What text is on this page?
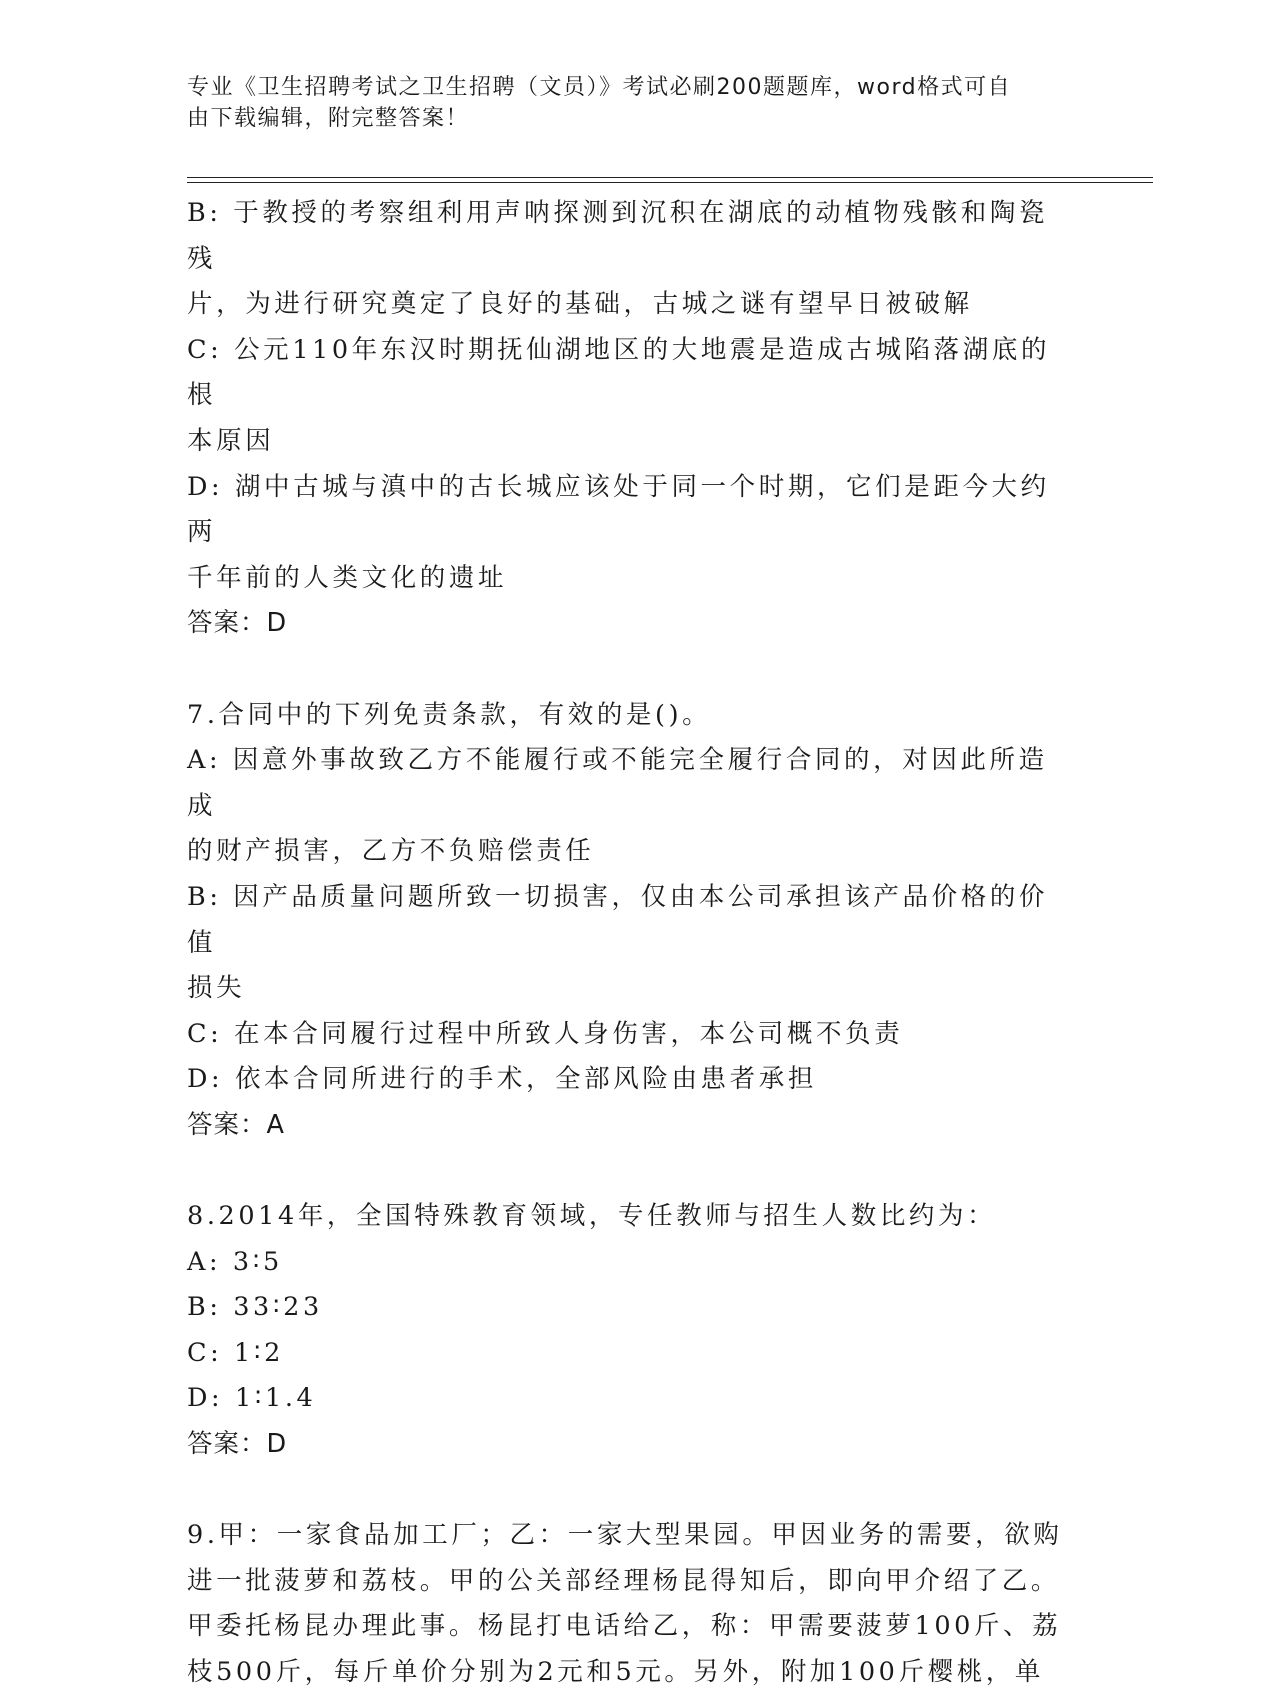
专业《卫生招聘考试之卫生招聘（文员）》考试必刷200题题库，word格式可自
由下载编辑，附完整答案！

B: 于教授的考察组利用声呐探测到沉积在湖底的动植物残骸和陶瓷残

片，为进行研究奠定了良好的基础，古城之谜有望早日被破解

C: 公元110年东汉时期抚仙湖地区的大地震是造成古城陷落湖底的根

本原因

D: 湖中古城与滇中的古长城应该处于同一个时期，它们是距今大约两

千年前的人类文化的遗址

答案：D

7.合同中的下列免责条款，有效的是()。

A: 因意外事故致乙方不能履行或不能完全履行合同的，对因此所造成

的财产损害，乙方不负赔偿责任

B: 因产品质量问题所致一切损害，仅由本公司承担该产品价格的价值

损失

C: 在本合同履行过程中所致人身伤害，本公司概不负责

D: 依本合同所进行的手术，全部风险由患者承担

答案：A

8.2014年，全国特殊教育领域，专任教师与招生人数比约为：

A: 3∶5

B: 33∶23

C: 1∶2

D: 1∶1.4

答案：D

9.甲：一家食品加工厂；乙：一家大型果园。甲因业务的需要，欲购

进一批菠萝和荔枝。甲的公关部经理杨昆得知后，即向甲介绍了乙。

甲委托杨昆办理此事。杨昆打电话给乙，称：甲需要菠萝100斤、荔

枝500斤，每斤单价分别为2元和5元。另外，附加100斤樱桃，单
